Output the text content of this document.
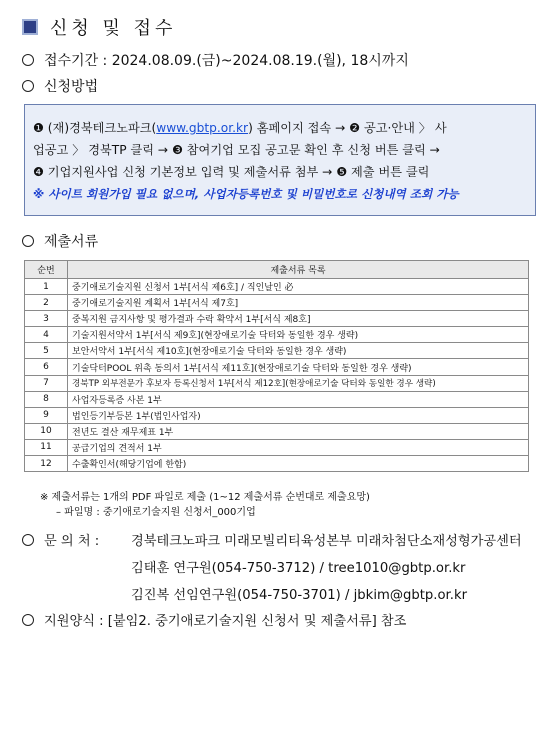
신청 및 접수
접수기간 : 2024.08.09.(금)~2024.08.19.(월), 18시까지
신청방법
❶ (재)경북테크노파크(www.gbtp.or.kr) 홈페이지 접속 → ❷ 공고·안내 〉 사
업공고 〉 경북TP 클릭 → ❸ 참여기업 모집 공고문 확인 후 신청 버튼 클릭 →
❹ 기업지원사업 신청 기본정보 입력 및 제출서류 첨부 → ❺ 제출 버튼 클릭
※ 사이트 회원가입 필요 없으며, 사업자등록번호 및 비밀번호로 신청내역 조회 가능
제출서류
순번	제출서류 목록
1	중기애로기술지원 신청서 1부[서식 제6호] / 직인날인 必
2	중기애로기술지원 계획서 1부[서식 제7호]
3	중복지원 금지사항 및 평가결과 수락 확약서 1부[서식 제8호]
4	기술지원서약서 1부[서식 제9호](현장애로기술 닥터와 동일한 경우 생략)
5	보안서약서 1부[서식 제10호](현장애로기술 닥터와 동일한 경우 생략)
6	기술닥터POOL 위촉 동의서 1부[서식 제11호](현장애로기술 닥터와 동일한 경우 생략)
7	경북TP 외부전문가 후보자 등록신청서 1부[서식 제12호](현장애로기술 닥터와 동일한 경우 생략)
8	사업자등록증 사본 1부
9	법인등기부등본 1부(법인사업자)
10	전년도 결산 재무제표 1부
11	공급기업의 견적서 1부
12	수출확인서(해당기업에 한함)
※ 제출서류는 1개의 PDF 파일로 제출 (1~12 제출서류 순번대로 제출요망)
– 파일명 : 중기애로기술지원 신청서_000기업
문 의 처 : 경북테크노파크 미래모빌리티육성본부 미래차첨단소재성형가공센터
김태훈 연구원(054-750-3712) / tree1010@gbtp.or.kr
김진복 선임연구원(054-750-3701) / jbkim@gbtp.or.kr
지원양식 : [붙임2. 중기애로기술지원 신청서 및 제출서류] 참조
